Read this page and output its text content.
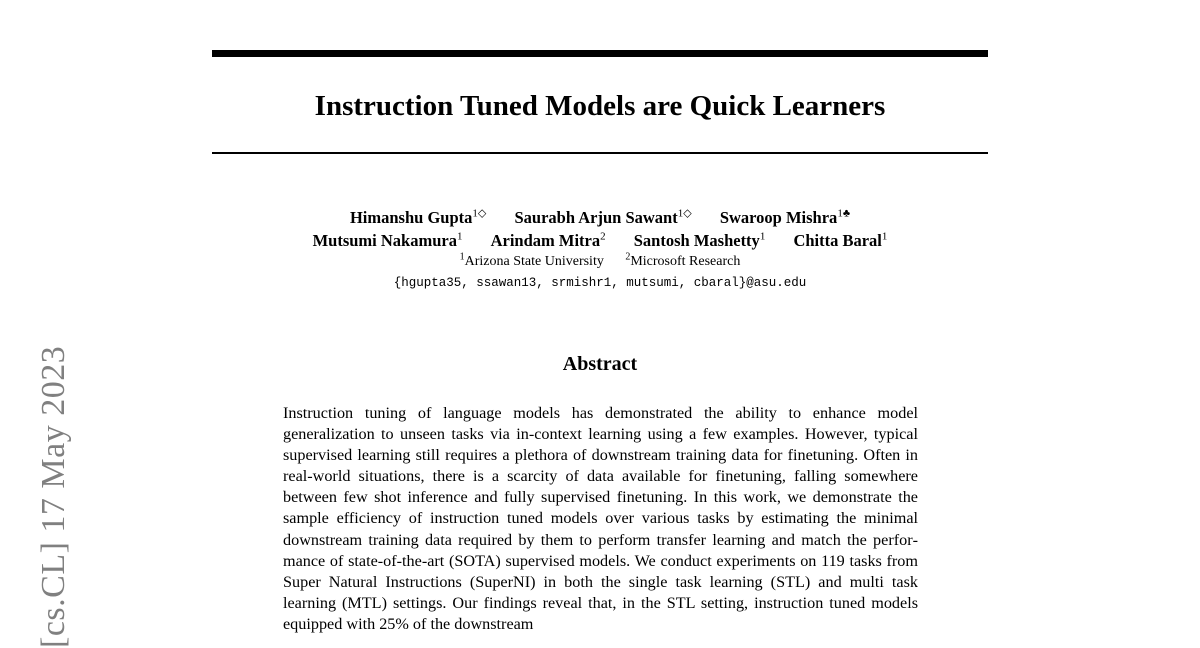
Instruction Tuned Models are Quick Learners
Himanshu Gupta$^{1◇}$ Saurabh Arjun Sawant$^{1◇}$ Swaroop Mishra$^{1♣}$
Mutsumi Nakamura$^1$ Arindam Mitra$^2$ Santosh Mashetty$^1$ Chitta Baral$^1$
$^1$Arizona State University $^2$Microsoft Research
{hgupta35, ssawan13, srmishr1, mutsumi, cbaral}@asu.edu
Abstract
Instruction tuning of language models has demonstrated the ability to enhance model generalization to unseen tasks via in-context learning using a few examples. However, typical supervised learning still requires a plethora of downstream training data for finetuning. Often in real-world situations, there is a scarcity of data available for finetuning, falling somewhere between few shot inference and fully supervised finetuning. In this work, we demonstrate the sample efficiency of instruction tuned models over various tasks by estimating the minimal downstream training data required by them to perform transfer learning and match the performance of state-of-the-art (SOTA) supervised models. We conduct experiments on 119 tasks from Super Natural Instructions (SuperNI) in both the single task learning (STL) and multi task learning (MTL) settings. Our findings reveal that, in the STL setting, instruction tuned models equipped with 25% of the downstream
[cs.CL] 17 May 2023
